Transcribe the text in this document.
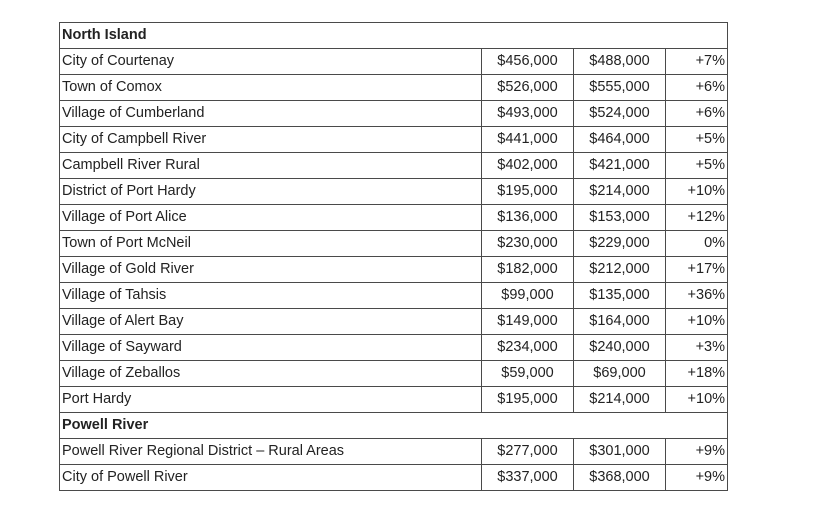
North Island			
City of Courtenay	$456,000	$488,000	+7%
Town of Comox	$526,000	$555,000	+6%
Village of Cumberland	$493,000	$524,000	+6%
City of Campbell River	$441,000	$464,000	+5%
Campbell River Rural	$402,000	$421,000	+5%
District of Port Hardy	$195,000	$214,000	+10%
Village of Port Alice	$136,000	$153,000	+12%
Town of Port McNeil	$230,000	$229,000	0%
Village of Gold River	$182,000	$212,000	+17%
Village of Tahsis	$99,000	$135,000	+36%
Village of Alert Bay	$149,000	$164,000	+10%
Village of Sayward	$234,000	$240,000	+3%
Village of Zeballos	$59,000	$69,000	+18%
Port Hardy	$195,000	$214,000	+10%
Powell River			
Powell River Regional District – Rural Areas	$277,000	$301,000	+9%
City of Powell River	$337,000	$368,000	+9%
